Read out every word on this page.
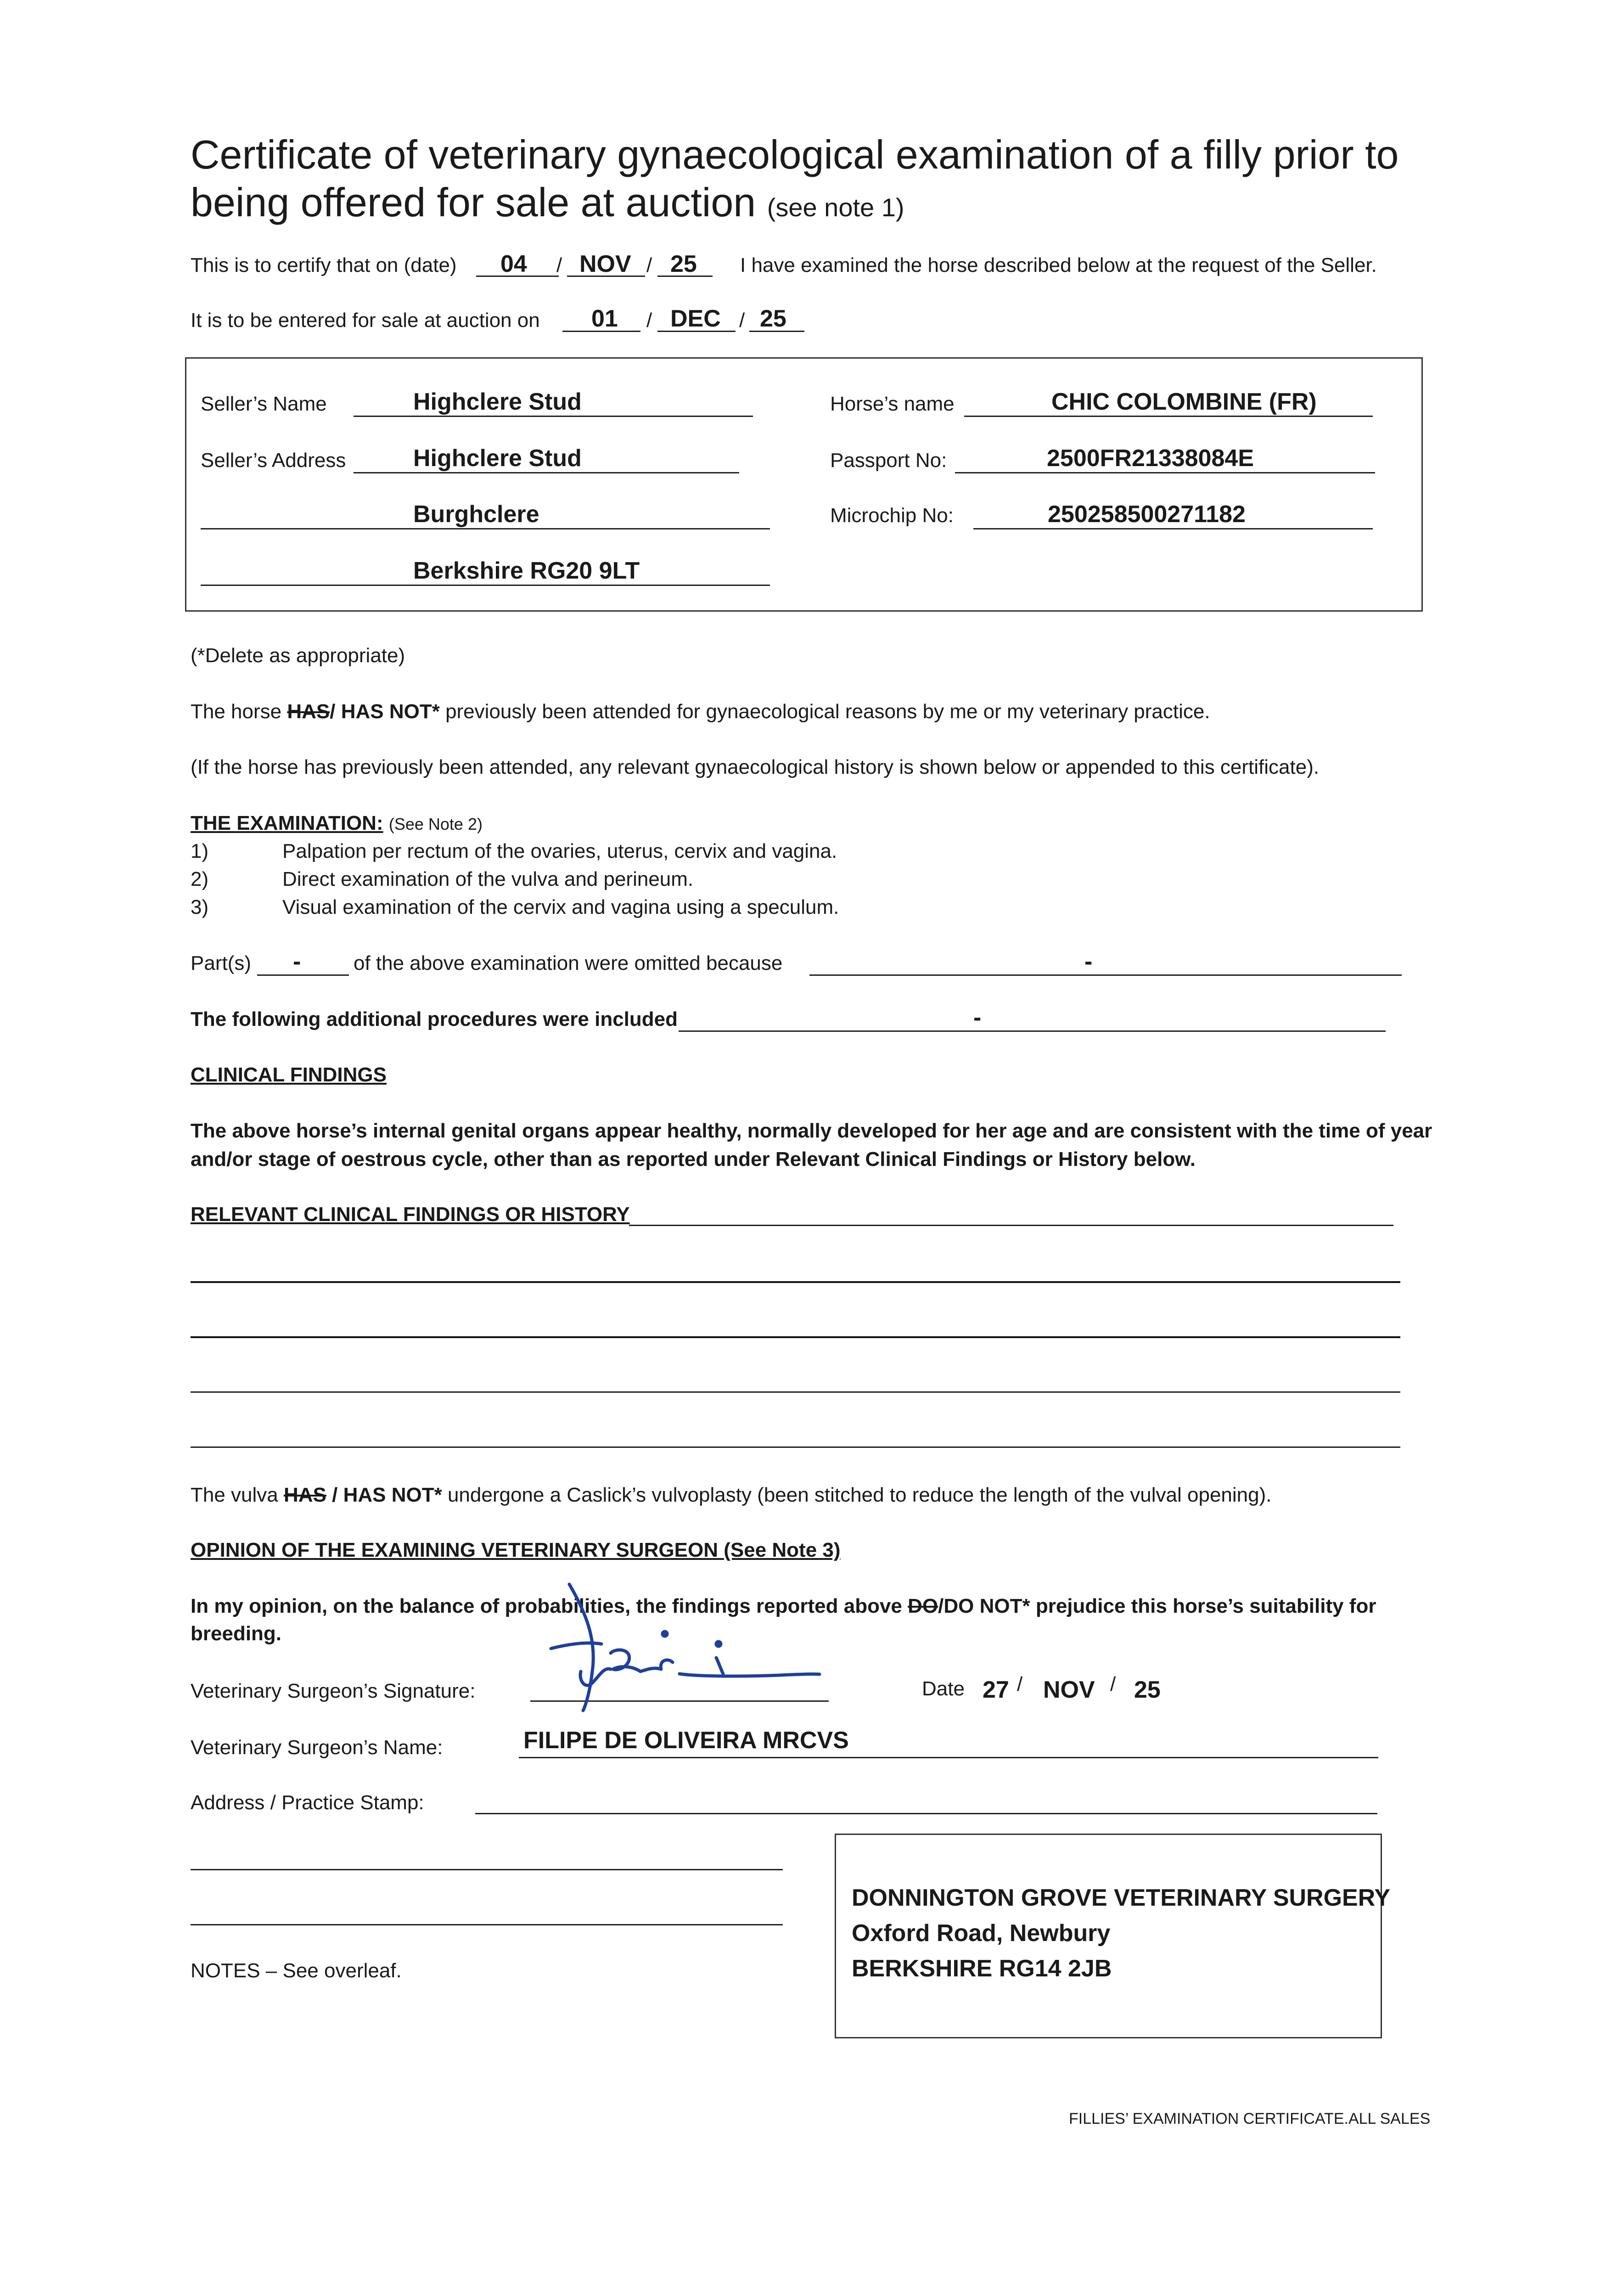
Certificate of veterinary gynaecological examination of a filly prior to being offered for sale at auction (see note 1)
This is to certify that on (date) 04 / NOV / 25 I have examined the horse described below at the request of the Seller.
It is to be entered for sale at auction on 01 / DEC / 25
Seller’s Name	Highclere Stud
Seller’s Address	Highclere Stud
Burghclere
Berkshire RG20 9LT
Horse’s name	CHIC COLOMBINE (FR)
Passport No:	2500FR21338084E
Microchip No:	250258500271182
(*Delete as appropriate)
The horse HAS/ HAS NOT* previously been attended for gynaecological reasons by me or my veterinary practice.
(If the horse has previously been attended, any relevant gynaecological history is shown below or appended to this certificate).
THE EXAMINATION: (See Note 2)
1)	Palpation per rectum of the ovaries, uterus, cervix and vagina.
2)	Direct examination of the vulva and perineum.
3)	Visual examination of the cervix and vagina using a speculum.
Part(s) -	of the above examination were omitted because	-
The following additional procedures were included	-
CLINICAL FINDINGS
The above horse’s internal genital organs appear healthy, normally developed for her age and are consistent with the time of year and/or stage of oestrous cycle, other than as reported under Relevant Clinical Findings or History below.
RELEVANT CLINICAL FINDINGS OR HISTORY
The vulva HAS / HAS NOT* undergone a Caslick’s vulvoplasty (been stitched to reduce the length of the vulval opening).
OPINION OF THE EXAMINING VETERINARY SURGEON (See Note 3)
In my opinion, on the balance of probabilities, the findings reported above DO/DO NOT* prejudice this horse’s suitability for
breeding.
Veterinary Surgeon’s Signature:	Date 27 / NOV / 25
Veterinary Surgeon’s Name:	FILIPE DE OLIVEIRA MRCVS
Address / Practice Stamp:
DONNINGTON GROVE VETERINARY SURGERY
Oxford Road, Newbury
BERKSHIRE RG14 2JB
NOTES – See overleaf.
FILLIES’ EXAMINATION CERTIFICATE.ALL SALES
